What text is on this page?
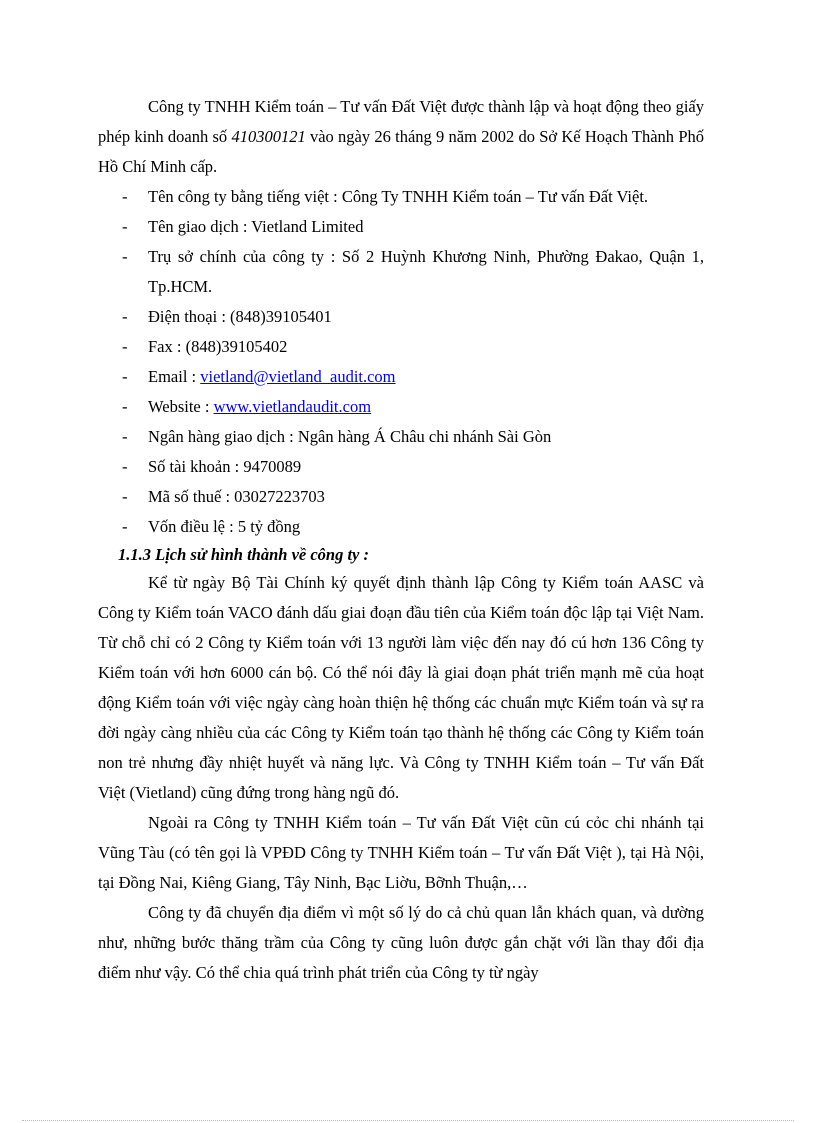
Công ty TNHH Kiểm toán – Tư vấn Đất Việt được thành lập và hoạt động theo giấy phép kinh doanh số 410300121 vào ngày 26 tháng 9 năm 2002 do Sở Kế Hoạch Thành Phố Hồ Chí Minh cấp.

- Tên công ty bằng tiếng việt : Công Ty TNHH Kiểm toán – Tư vấn Đất Việt.
- Tên giao dịch : Vietland Limited
- Trụ sở chính của công ty : Số 2 Huỳnh Khương Ninh, Phường Đakao, Quận 1, Tp.HCM.
- Điện thoại : (848)39105401
- Fax : (848)39105402
- Email : vietland@vietland_audit.com
- Website : www.vietlandaudit.com
- Ngân hàng giao dịch : Ngân hàng Á Châu chi nhánh Sài Gòn
- Số tài khoản : 9470089
- Mã số thuế : 03027223703
- Vốn điều lệ : 5 tỷ đồng

1.1.3 Lịch sử hình thành về công ty :

Kể từ ngày Bộ Tài Chính ký quyết định thành lập Công ty Kiểm toán AASC và Công ty Kiểm toán VACO đánh dấu giai đoạn đầu tiên của Kiểm toán độc lập tại Việt Nam. Từ chỗ chỉ có 2 Công ty Kiểm toán với 13 người làm việc đến nay đó cú hơn 136 Công ty Kiểm toán với hơn 6000 cán bộ. Có thể nói đây là giai đoạn phát triển mạnh mẽ của hoạt động Kiểm toán với việc ngày càng hoàn thiện hệ thống các chuẩn mực Kiểm toán và sự ra đời ngày càng nhiều của các Công ty Kiểm toán tạo thành hệ thống các Công ty Kiểm toán non trẻ nhưng đầy nhiệt huyết và năng lực. Và Công ty TNHH Kiểm toán – Tư vấn Đất Việt (Vietland) cũng đứng trong hàng ngũ đó.

Ngoài ra Công ty TNHH Kiểm toán – Tư vấn Đất Việt cũn cú cỏc chi nhánh tại Vũng Tàu (có tên gọi là VPĐD Công ty TNHH Kiểm toán – Tư vấn Đất Việt ), tại Hà Nội, tại Đồng Nai, Kiêng Giang, Tây Ninh, Bạc Liờu, Bỡnh Thuận,…

Công ty đã chuyển địa điểm vì một số lý do cả chủ quan lẫn khách quan, và dường như, những bước thăng trầm của Công ty cũng luôn được gắn chặt với lần thay đổi địa điểm như vậy. Có thể chia quá trình phát triển của Công ty từ ngày
